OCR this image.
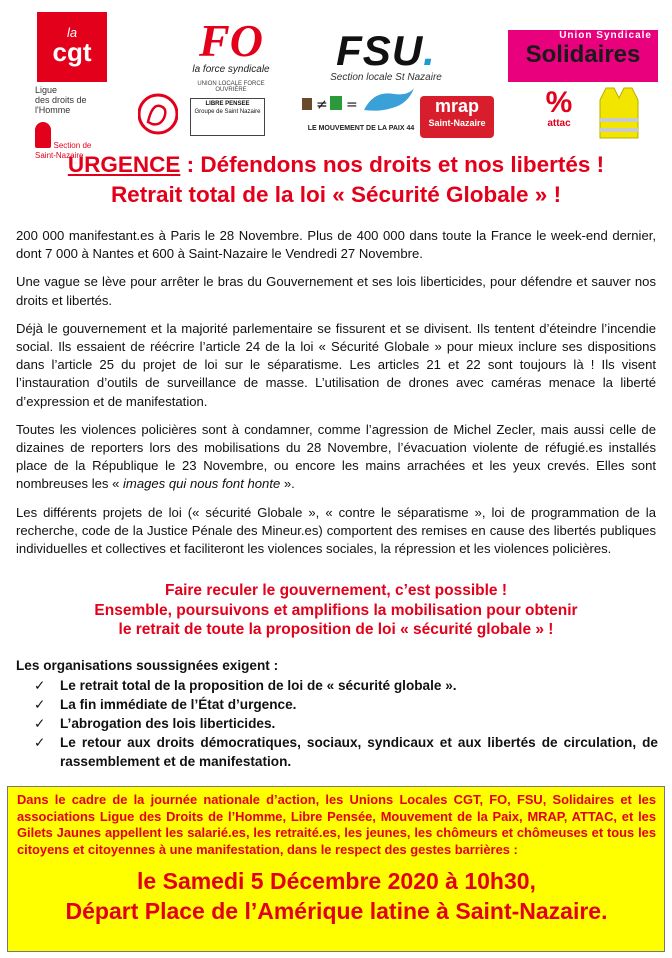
la
cgt
Ligue
des droits de l'Homme
Section de Saint-Nazaire
FO
la force syndicale
UNION LOCALE FORCE OUVRIÈRE
FSU.
Section locale St Nazaire
Union Syndicale
Solidaires
LIBRE PENSEE
Groupe de Saint Nazaire	≠ =
LE MOUVEMENT DE LA PAIX 44
mrap
Saint-Nazaire
%
attac
URGENCE : Défendons nos droits et nos libertés !
Retrait total de la loi « Sécurité Globale » !

200 000 manifestant.es à Paris le 28 Novembre. Plus de 400 000 dans toute la France le week-end dernier, dont 7 000 à Nantes et 600 à Saint-Nazaire le Vendredi 27 Novembre.

Une vague se lève pour arrêter le bras du Gouvernement et ses lois liberticides, pour défendre et sauver nos droits et libertés.

Déjà le gouvernement et la majorité parlementaire se fissurent et se divisent. Ils tentent d’éteindre l’incendie social. Ils essaient de réécrire l’article 24 de la loi « Sécurité Globale » pour mieux inclure ses dispositions dans l’article 25 du projet de loi sur le séparatisme. Les articles 21 et 22 sont toujours là ! Ils visent l’instauration d’outils de surveillance de masse. L’utilisation de drones avec caméras menace la liberté d’expression et de manifestation.

Toutes les violences policières sont à condamner, comme l’agression de Michel Zecler, mais aussi celle de dizaines de reporters lors des mobilisations du 28 Novembre, l’évacuation violente de réfugié.es installés place de la République le 23 Novembre, ou encore les mains arrachées et les yeux crevés. Elles sont nombreuses les « images qui nous font honte ».

Les différents projets de loi (« sécurité Globale », « contre le séparatisme », loi de programmation de la recherche, code de la Justice Pénale des Mineur.es) comportent des remises en cause des libertés publiques individuelles et collectives et faciliteront les violences sociales, la répression et les violences policières.

Faire reculer le gouvernement, c’est possible !
Ensemble, poursuivons et amplifions la mobilisation pour obtenir
le retrait de toute la proposition de loi « sécurité globale » !
Les organisations soussignées exigent :
✓ Le retrait total de la proposition de loi de « sécurité globale ».
✓ La fin immédiate de l’État d’urgence.
✓ L’abrogation des lois liberticides.
✓ Le retour aux droits démocratiques, sociaux, syndicaux et aux libertés de circulation, de rassemblement et de manifestation.
Dans le cadre de la journée nationale d’action, les Unions Locales CGT, FO, FSU, Solidaires et les associations Ligue des Droits de l’Homme, Libre Pensée, Mouvement de la Paix, MRAP, ATTAC, et les Gilets Jaunes appellent les salarié.es, les retraité.es, les jeunes, les chômeurs et chômeuses et tous les citoyens et citoyennes à une manifestation, dans le respect des gestes barrières :
le Samedi 5 Décembre 2020 à 10h30,
Départ Place de l’Amérique latine à Saint-Nazaire.
